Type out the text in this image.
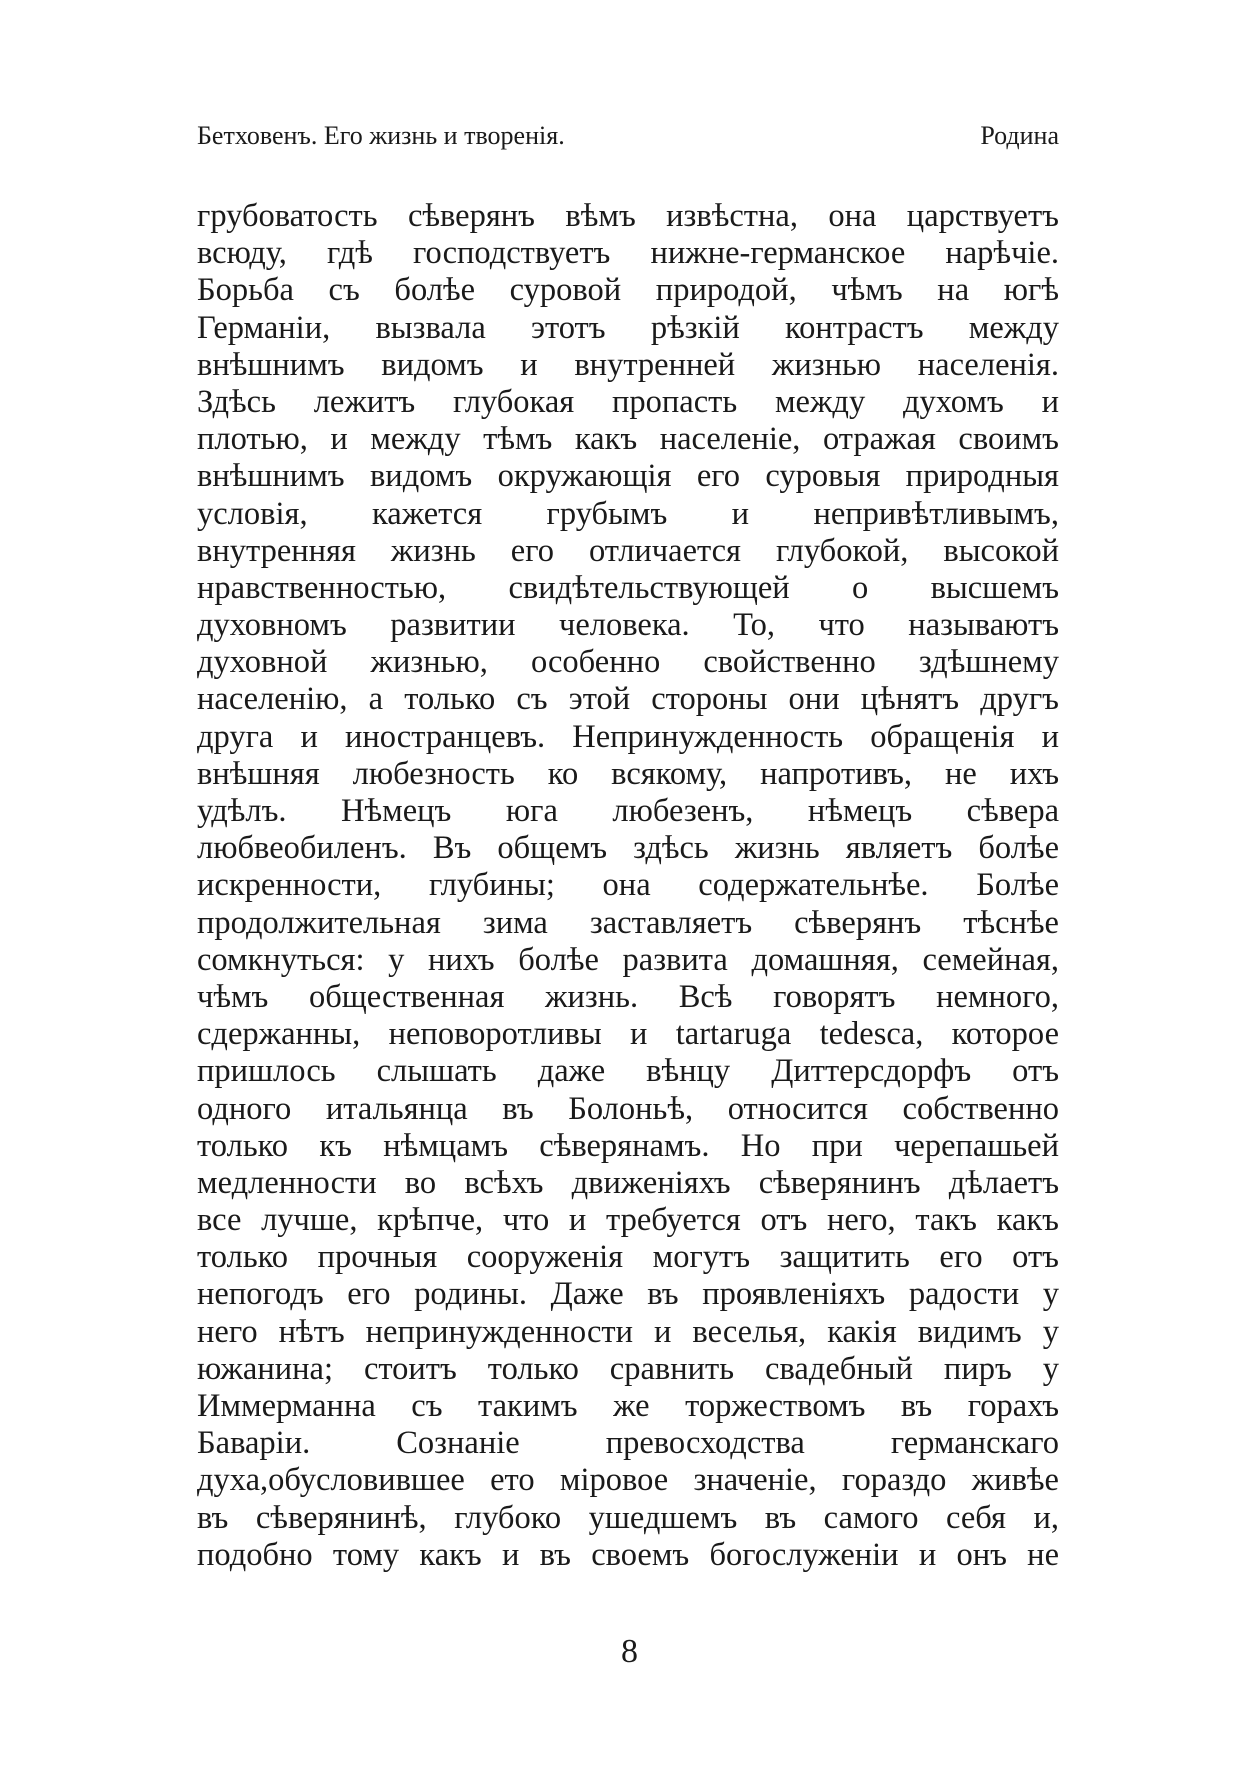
Бетховенъ. Его жизнь и творенія.	Родина
грубоватость сѣверянъ вѣмъ извѣстна, она царствуетъ
всюду, гдѣ господствуетъ нижне-германское нарѣчіе.
Борьба съ болѣе суровой природой, чѣмъ на югѣ
Германіи, вызвала этотъ рѣзкій контрастъ между
внѣшнимъ видомъ и внутренней жизнью населенія.
Здѣсь лежитъ глубокая пропасть между духомъ и
плотью, и между тѣмъ какъ населеніе, отражая своимъ
внѣшнимъ видомъ окружающія его суровыя природныя
условія, кажется грубымъ и непривѣтливымъ,
внутренняя жизнь его отличается глубокой, высокой
нравственностью, свидѣтельствующей о высшемъ
духовномъ развитии человека. То, что называютъ
духовной жизнью, особенно свойственно здѣшнему
населенію, а только съ этой стороны они цѣнятъ другъ
друга и иностранцевъ. Непринужденность обращенія и
внѣшняя любезность ко всякому, напротивъ, не ихъ
удѣлъ. Нѣмецъ юга любезенъ, нѣмецъ сѣвера
любвеобиленъ. Въ общемъ здѣсь жизнь являетъ болѣе
искренности, глубины; она содержательнѣе. Болѣе
продолжительная зима заставляетъ сѣверянъ тѣснѣе
сомкнуться: у нихъ болѣе развита домашняя, семейная,
чѣмъ общественная жизнь. Всѣ говорятъ немного,
сдержанны, неповоротливы и tartaruga tedesca, которое
пришлось слышать даже вѣнцу Диттерсдорфъ отъ
одного итальянца въ Болоньѣ, относится собственно
только къ нѣмцамъ сѣверянамъ. Но при черепашьей
медленности во всѣхъ движеніяхъ сѣверянинъ дѣлаетъ
все лучше, крѣпче, что и требуется отъ него, такъ какъ
только прочныя сооруженія могутъ защитить его отъ
непогодъ его родины. Даже въ проявленіяхъ радости у
него нѣтъ непринужденности и веселья, какія видимъ у
южанина; стоитъ только сравнить свадебный пиръ у
Иммерманна съ такимъ же торжествомъ въ горахъ
Баваріи. Сознаніе превосходства германскаго
духа,обусловившее ето міровое значеніе, гораздо живѣе
въ сѣверянинѣ, глубоко ушедшемъ въ самого себя и,
подобно тому какъ и въ своемъ богослуженіи и онъ не
8
